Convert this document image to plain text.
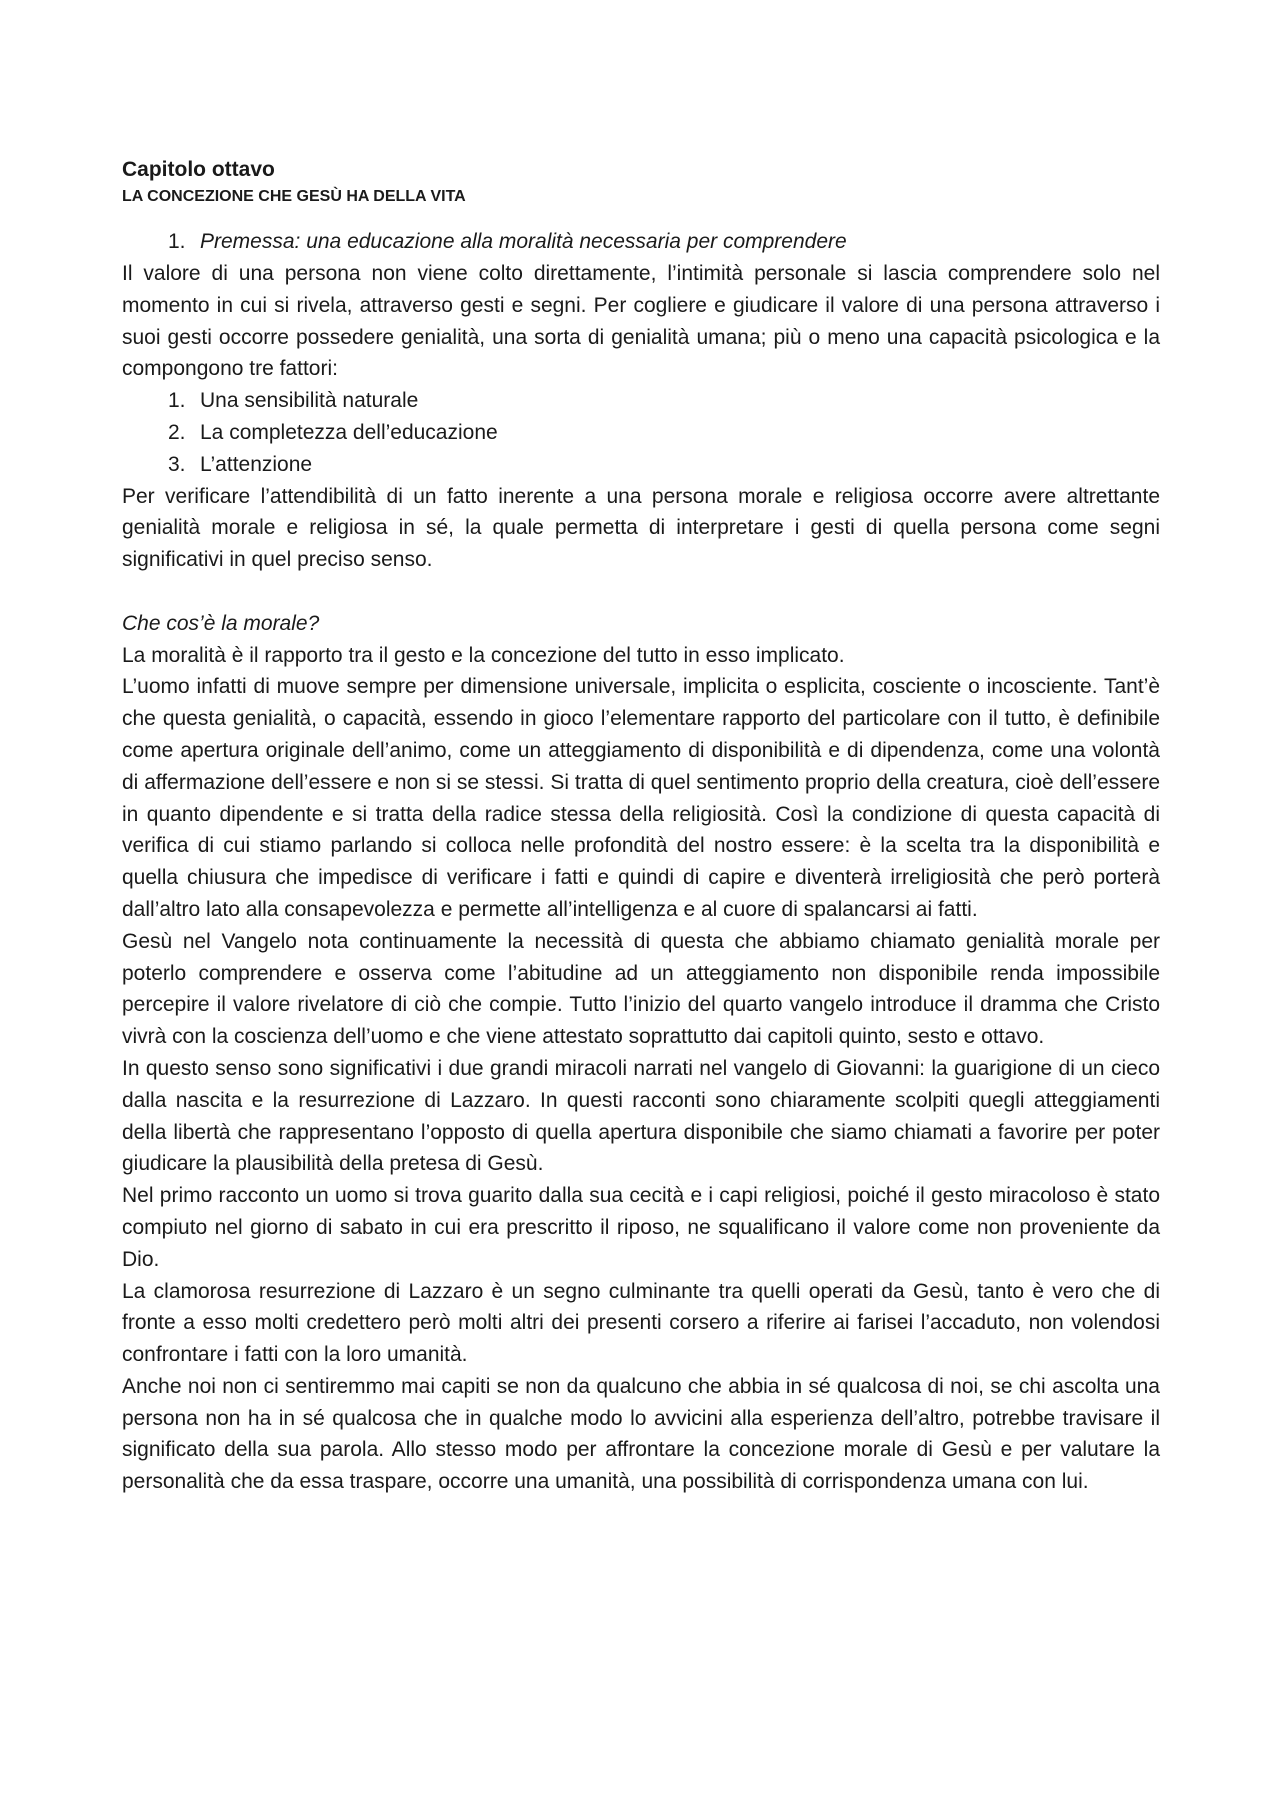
Capitolo ottavo
LA CONCEZIONE CHE GESÙ HA DELLA VITA
1. Premessa: una educazione alla moralità necessaria per comprendere

Il valore di una persona non viene colto direttamente, l’intimità personale si lascia comprendere solo nel momento in cui si rivela, attraverso gesti e segni. Per cogliere e giudicare il valore di una persona attraverso i suoi gesti occorre possedere genialità, una sorta di genialità umana; più o meno una capacità psicologica e la compongono tre fattori:

1. Una sensibilità naturale
2. La completezza dell’educazione
3. L’attenzione

Per verificare l’attendibilità di un fatto inerente a una persona morale e religiosa occorre avere altrettante genialità morale e religiosa in sé, la quale permetta di interpretare i gesti di quella persona come segni significativi in quel preciso senso.

Che cos’è la morale?

La moralità è il rapporto tra il gesto e la concezione del tutto in esso implicato.

L’uomo infatti di muove sempre per dimensione universale, implicita o esplicita, cosciente o incosciente. Tant’è che questa genialità, o capacità, essendo in gioco l’elementare rapporto del particolare con il tutto, è definibile come apertura originale dell’animo, come un atteggiamento di disponibilità e di dipendenza, come una volontà di affermazione dell’essere e non si se stessi. Si tratta di quel sentimento proprio della creatura, cioè dell’essere in quanto dipendente e si tratta della radice stessa della religiosità. Così la condizione di questa capacità di verifica di cui stiamo parlando si colloca nelle profondità del nostro essere: è la scelta tra la disponibilità e quella chiusura che impedisce di verificare i fatti e quindi di capire e diventerà irreligiosità che però porterà dall’altro lato alla consapevolezza e permette all’intelligenza e al cuore di spalancarsi ai fatti.

Gesù nel Vangelo nota continuamente la necessità di questa che abbiamo chiamato genialità morale per poterlo comprendere e osserva come l’abitudine ad un atteggiamento non disponibile renda impossibile percepire il valore rivelatore di ciò che compie. Tutto l’inizio del quarto vangelo introduce il dramma che Cristo vivrà con la coscienza dell’uomo e che viene attestato soprattutto dai capitoli quinto, sesto e ottavo.

In questo senso sono significativi i due grandi miracoli narrati nel vangelo di Giovanni: la guarigione di un cieco dalla nascita e la resurrezione di Lazzaro. In questi racconti sono chiaramente scolpiti quegli atteggiamenti della libertà che rappresentano l’opposto di quella apertura disponibile che siamo chiamati a favorire per poter giudicare la plausibilità della pretesa di Gesù.

Nel primo racconto un uomo si trova guarito dalla sua cecità e i capi religiosi, poiché il gesto miracoloso è stato compiuto nel giorno di sabato in cui era prescritto il riposo, ne squalificano il valore come non proveniente da Dio.

La clamorosa resurrezione di Lazzaro è un segno culminante tra quelli operati da Gesù, tanto è vero che di fronte a esso molti credettero però molti altri dei presenti corsero a riferire ai farisei l’accaduto, non volendosi confrontare i fatti con la loro umanità.

Anche noi non ci sentiremmo mai capiti se non da qualcuno che abbia in sé qualcosa di noi, se chi ascolta una persona non ha in sé qualcosa che in qualche modo lo avvicini alla esperienza dell’altro, potrebbe travisare il significato della sua parola. Allo stesso modo per affrontare la concezione morale di Gesù e per valutare la personalità che da essa traspare, occorre una umanità, una possibilità di corrispondenza umana con lui.
